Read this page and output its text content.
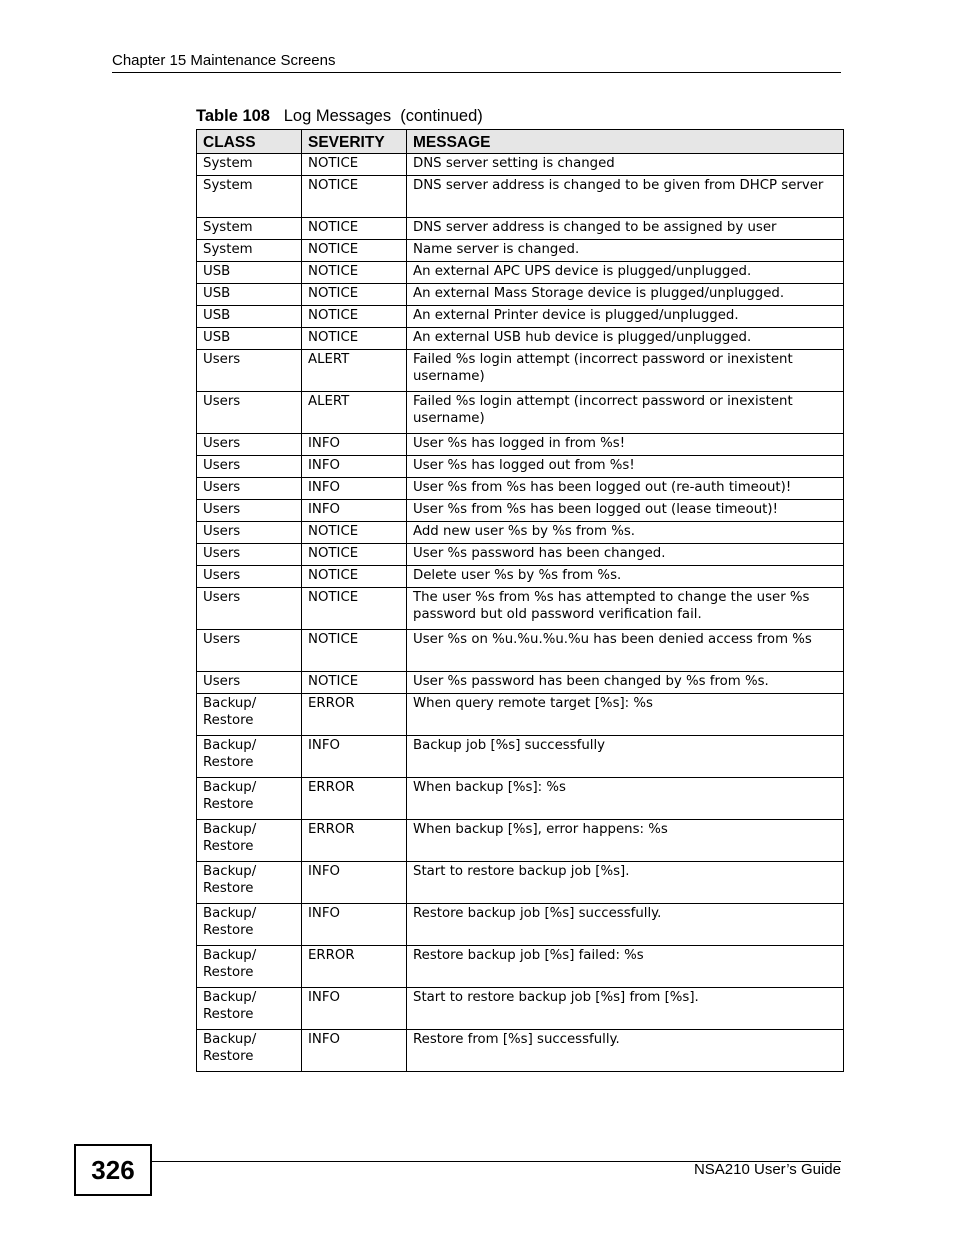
Chapter 15 Maintenance Screens
Table 108 Log Messages  (continued)
CLASS	SEVERITY	MESSAGE
System	NOTICE	DNS server setting is changed
System	NOTICE	DNS server address is changed to be given from DHCP server
System	NOTICE	DNS server address is changed to be assigned by user
System	NOTICE	Name server is changed.
USB	NOTICE	An external APC UPS device is plugged/unplugged.
USB	NOTICE	An external Mass Storage device is plugged/unplugged.
USB	NOTICE	An external Printer device is plugged/unplugged.
USB	NOTICE	An external USB hub device is plugged/unplugged.
Users	ALERT	Failed %s login attempt (incorrect password or inexistent username)
Users	ALERT	Failed %s login attempt (incorrect password or inexistent username)
Users	INFO	User %s has logged in from %s!
Users	INFO	User %s has logged out from %s!
Users	INFO	User %s from %s has been logged out (re-auth timeout)!
Users	INFO	User %s from %s has been logged out (lease timeout)!
Users	NOTICE	Add new user %s by %s from %s.
Users	NOTICE	User %s password has been changed.
Users	NOTICE	Delete user %s by %s from %s.
Users	NOTICE	The user %s from %s has attempted to change the user %s password but old password verification fail.
Users	NOTICE	User %s on %u.%u.%u.%u has been denied access from %s
Users	NOTICE	User %s password has been changed by %s from %s.
Backup/ Restore	ERROR	When query remote target [%s]: %s
Backup/ Restore	INFO	Backup job [%s] successfully
Backup/ Restore	ERROR	When backup [%s]: %s
Backup/ Restore	ERROR	When backup [%s], error happens: %s
Backup/ Restore	INFO	Start to restore backup job [%s].
Backup/ Restore	INFO	Restore backup job [%s] successfully.
Backup/ Restore	ERROR	Restore backup job [%s] failed: %s
Backup/ Restore	INFO	Start to restore backup job [%s] from [%s].
Backup/ Restore	INFO	Restore from [%s] successfully.
326	NSA210 User’s Guide
